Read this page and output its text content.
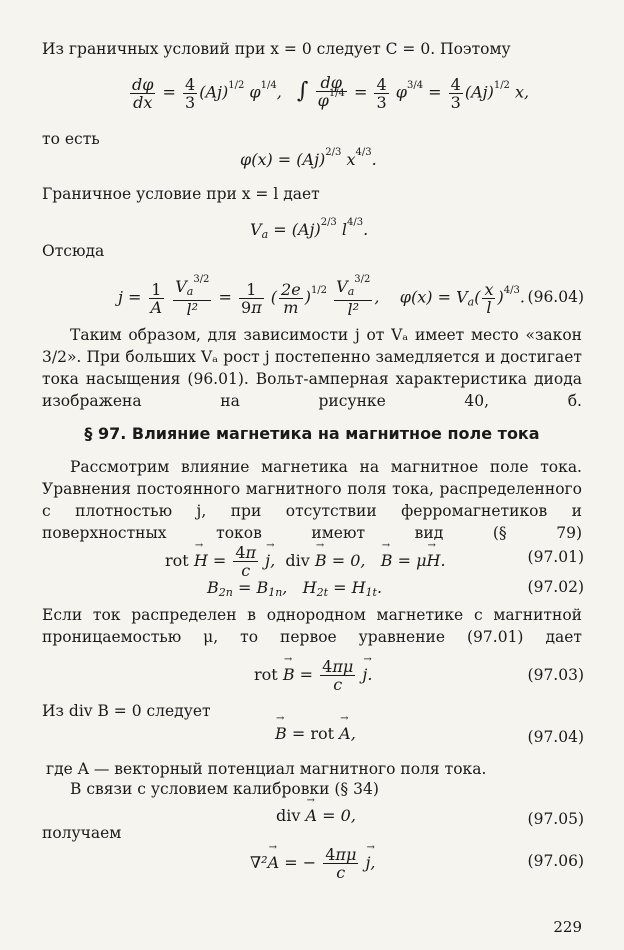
Из граничных условий при x = 0 следует C = 0. Поэтому
$\frac{d\varphi}{dx} = \frac{4}{3} (Aj)^{1/2}$ $\varphi^{1/4}$,   ∫ $\frac{d\varphi}{\varphi^{1/4}} = \frac{4}{3} \varphi^{3/4} = \frac{4}{3} (Aj)^{1/2}$ x,
то есть
$\varphi(x) = (Aj)^{2/3}$ $x^{4/3}$.
Граничное условие при x = l дает
$V_a = (Aj)^{2/3}$ $l^{4/3}$.
Отсюда
$j = \frac{1}{A}$
$\frac{V_a^{3/2}}{\text{l²}} = \frac{1}{9\pi}$ ( $\frac{2e}{m} )^{1/2} \frac{V_a^{3/2}}{\text{l²}}$ ,    $\varphi(x) = V_a( \frac{x}{l} )^{4/3}$. (96.04)
Таким образом, для зависимости j от Vₐ имеет место «закон 3/2». При больших Vₐ рост j постепенно замедляется и достигает тока насыщения (96.01). Вольт-амперная характеристика диода изображена на рисунке 40, б.
§ 97. Влияние магнетика на магнитное поле тока
Рассмотрим влияние магнетика на магнитное поле тока. Уравнения постоянного магнитного поля тока, распределенного с плотностью j, при отсутствии ферромагнетиков и поверхностных токов имеют вид (§ 79)
rot → $H = \frac{4\pi}{c}$
→ j,  div → B = 0,   → B = μ→ H.	(97.01)
$B_{2n} = B_{1n}$,   $H_{2t} = H_{1t}$.	(97.02)
Если ток распределен в однородном магнетике с магнитной проницаемостью μ, то первое уравнение (97.01) дает
rot → $B = \frac{4\pi\mu}{c}$
→ j.	(97.03)
Из div B = 0 следует
→ B = rot → A,	(97.04)
где A — векторный потенциал магнитного поля тока.
В связи с условием калибровки (§ 34)
div → A = 0,	(97.05)
получаем
∇²→ A = − $\frac{4\pi\mu}{c}$
→ j,	(97.06)
229
